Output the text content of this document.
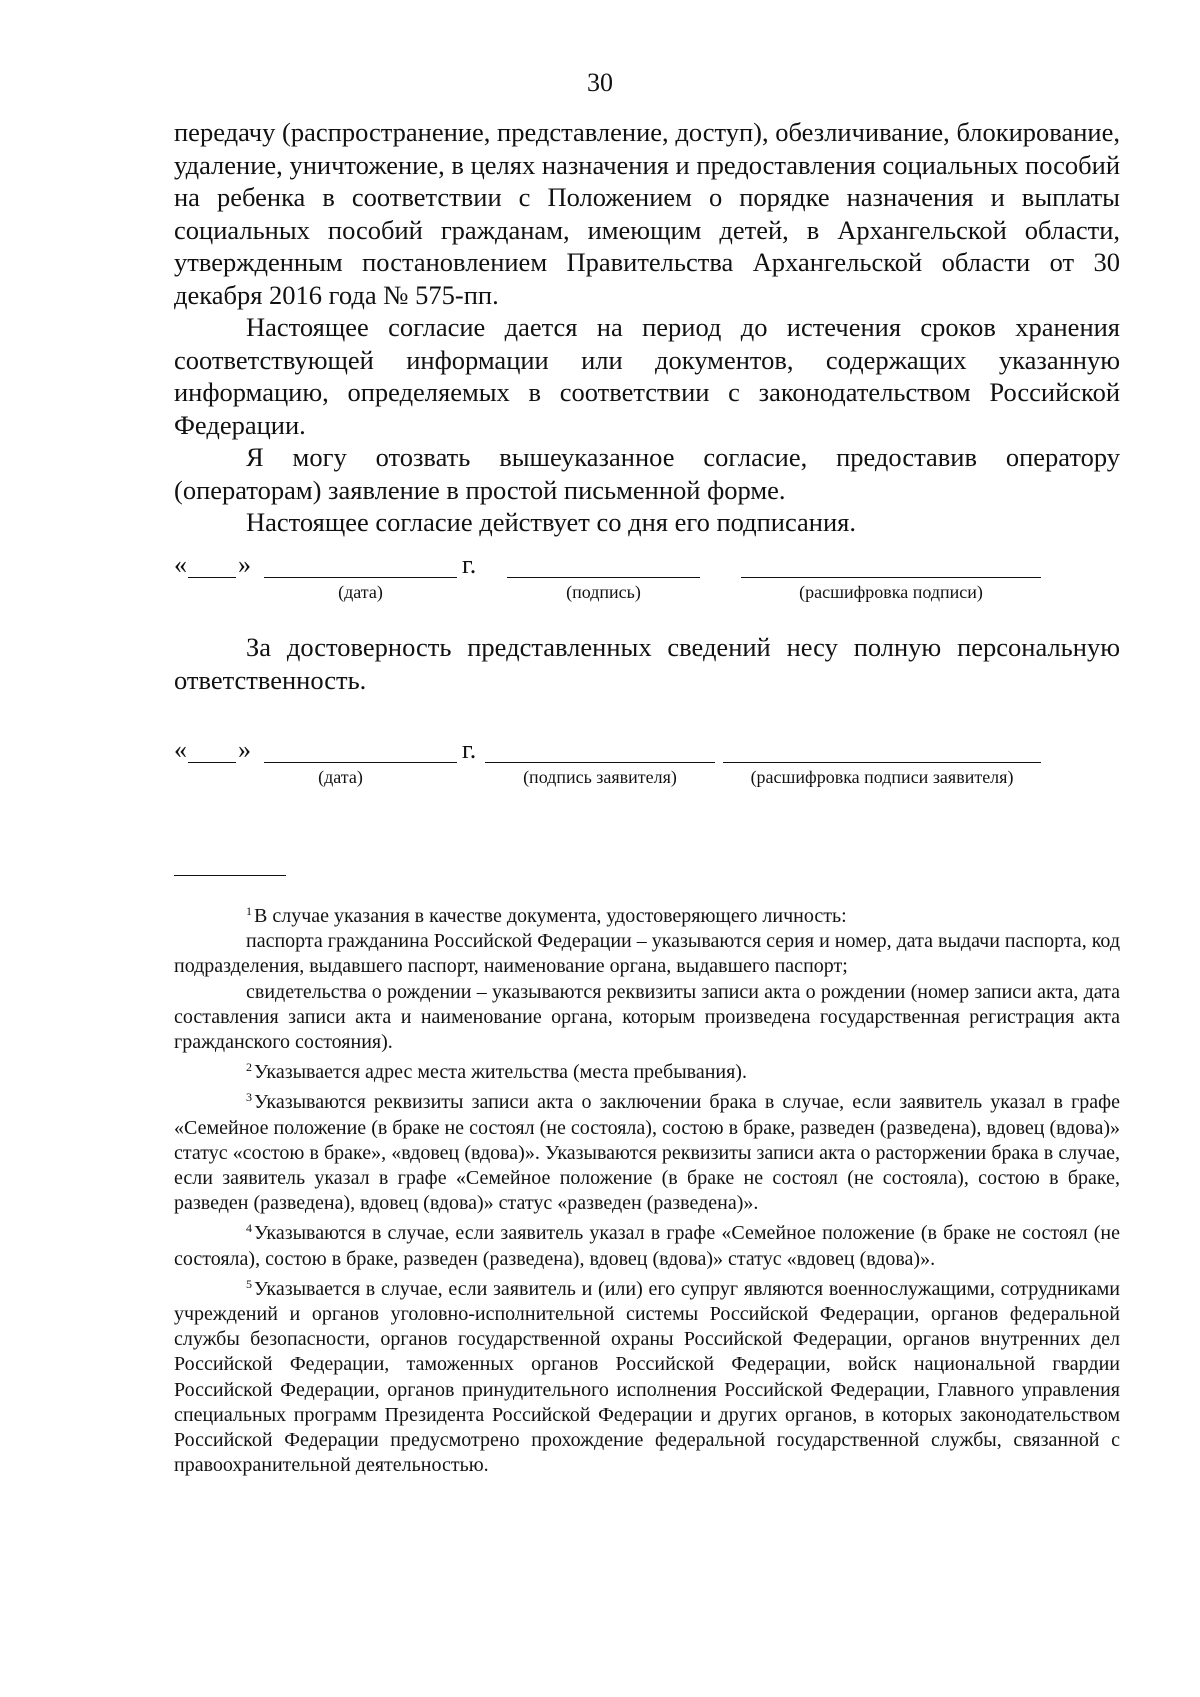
30

передачу (распространение, представление, доступ), обезличивание, блокирование, удаление, уничтожение, в целях назначения и предоставления социальных пособий на ребенка в соответствии с Положением о порядке назначения и выплаты социальных пособий гражданам, имеющим детей, в Архангельской области, утвержденным постановлением Правительства Архангельской области от 30 декабря 2016 года № 575-пп.

Настоящее согласие дается на период до истечения сроков хранения соответствующей информации или документов, содержащих указанную информацию, определяемых в соответствии с законодательством Российской Федерации.

Я могу отозвать вышеуказанное согласие, предоставив оператору (операторам) заявление в простой письменной форме.

Настоящее согласие действует со дня его подписания.

« »	г.
(дата)	(подпись)	(расшифровка подписи)

За достоверность представленных сведений несу полную персональную ответственность.

« »	г.
(дата)	(подпись заявителя)	(расшифровка подписи заявителя)

$^1$ В случае указания в качестве документа, удостоверяющего личность:

паспорта гражданина Российской Федерации – указываются серия и номер, дата выдачи паспорта, код подразделения, выдавшего паспорт, наименование органа, выдавшего паспорт;

свидетельства о рождении – указываются реквизиты записи акта о рождении (номер записи акта, дата составления записи акта и наименование органа, которым произведена государственная регистрация акта гражданского состояния).

$^2$ Указывается адрес места жительства (места пребывания).

$^3$ Указываются реквизиты записи акта о заключении брака в случае, если заявитель указал в графе «Семейное положение (в браке не состоял (не состояла), состою в браке, разведен (разведена), вдовец (вдова)» статус «состою в браке», «вдовец (вдова)». Указываются реквизиты записи акта о расторжении брака в случае, если заявитель указал в графе «Семейное положение (в браке не состоял (не состояла), состою в браке, разведен (разведена), вдовец (вдова)» статус «разведен (разведена)».

$^4$ Указываются в случае, если заявитель указал в графе «Семейное положение (в браке не состоял (не состояла), состою в браке, разведен (разведена), вдовец (вдова)» статус «вдовец (вдова)».

$^5$ Указывается в случае, если заявитель и (или) его супруг являются военнослужащими, сотрудниками учреждений и органов уголовно-исполнительной системы Российской Федерации, органов федеральной службы безопасности, органов государственной охраны Российской Федерации, органов внутренних дел Российской Федерации, таможенных органов Российской Федерации, войск национальной гвардии Российской Федерации, органов принудительного исполнения Российской Федерации, Главного управления специальных программ Президента Российской Федерации и других органов, в которых законодательством Российской Федерации предусмотрено прохождение федеральной государственной службы, связанной с правоохранительной деятельностью.
